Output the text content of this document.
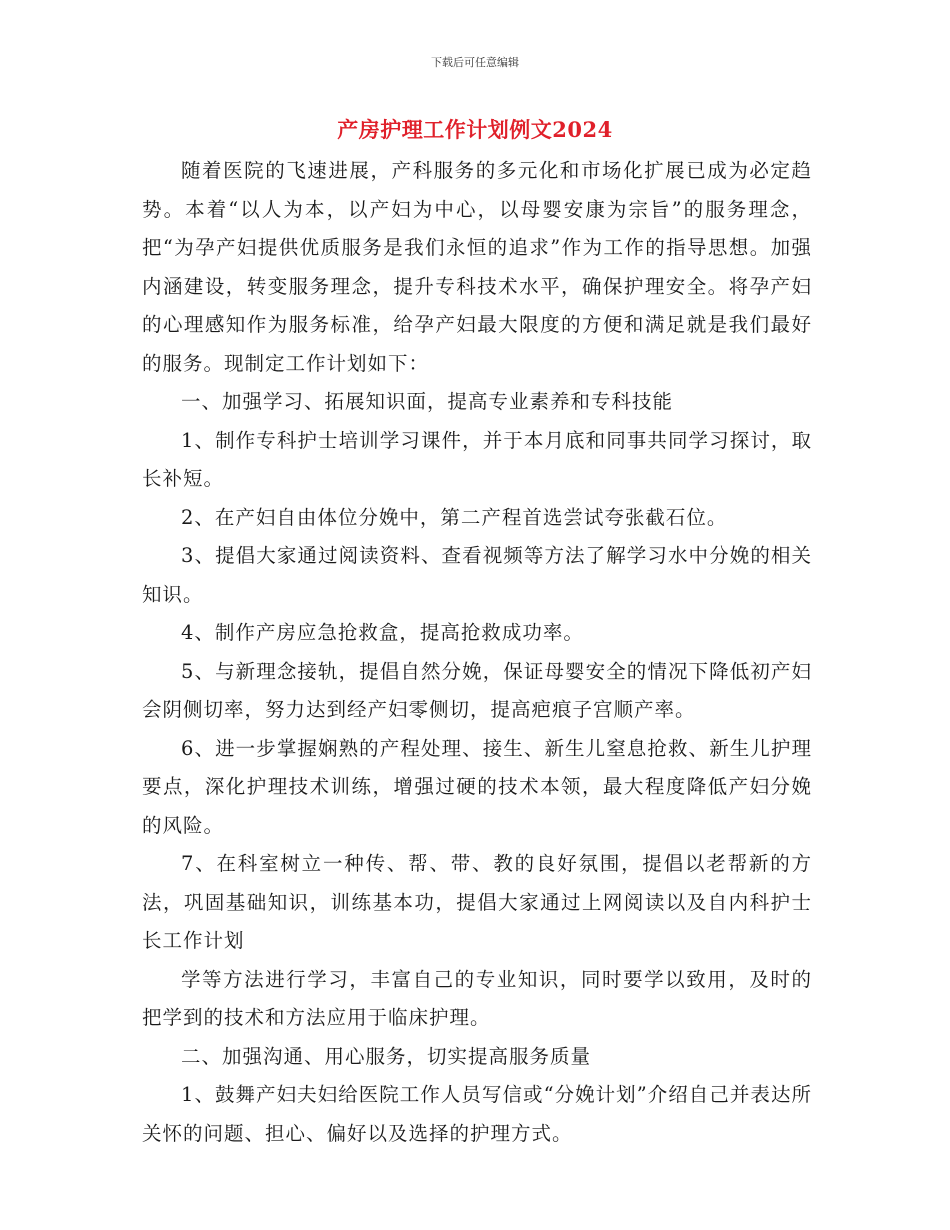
下载后可任意编辑
产房护理工作计划例文2024

随着医院的飞速进展，产科服务的多元化和市场化扩展已成为必定趋势。本着“以人为本，以产妇为中心，以母婴安康为宗旨”的服务理念，把“为孕产妇提供优质服务是我们永恒的追求”作为工作的指导思想。加强内涵建设，转变服务理念，提升专科技术水平，确保护理安全。将孕产妇的心理感知作为服务标准，给孕产妇最大限度的方便和满足就是我们最好的服务。现制定工作计划如下：

一、加强学习、拓展知识面，提高专业素养和专科技能

1、制作专科护士培训学习课件，并于本月底和同事共同学习探讨，取长补短。

2、在产妇自由体位分娩中，第二产程首选尝试夸张截石位。

3、提倡大家通过阅读资料、查看视频等方法了解学习水中分娩的相关知识。

4、制作产房应急抢救盒，提高抢救成功率。

5、与新理念接轨，提倡自然分娩，保证母婴安全的情况下降低初产妇会阴侧切率，努力达到经产妇零侧切，提高疤痕子宫顺产率。

6、进一步掌握娴熟的产程处理、接生、新生儿窒息抢救、新生儿护理要点，深化护理技术训练，增强过硬的技术本领，最大程度降低产妇分娩的风险。

7、在科室树立一种传、帮、带、教的良好氛围，提倡以老帮新的方法，巩固基础知识，训练基本功，提倡大家通过上网阅读以及自内科护士长工作计划

学等方法进行学习，丰富自己的专业知识，同时要学以致用，及时的把学到的技术和方法应用于临床护理。

二、加强沟通、用心服务，切实提高服务质量

1、鼓舞产妇夫妇给医院工作人员写信或“分娩计划”介绍自己并表达所关怀的问题、担心、偏好以及选择的护理方式。
